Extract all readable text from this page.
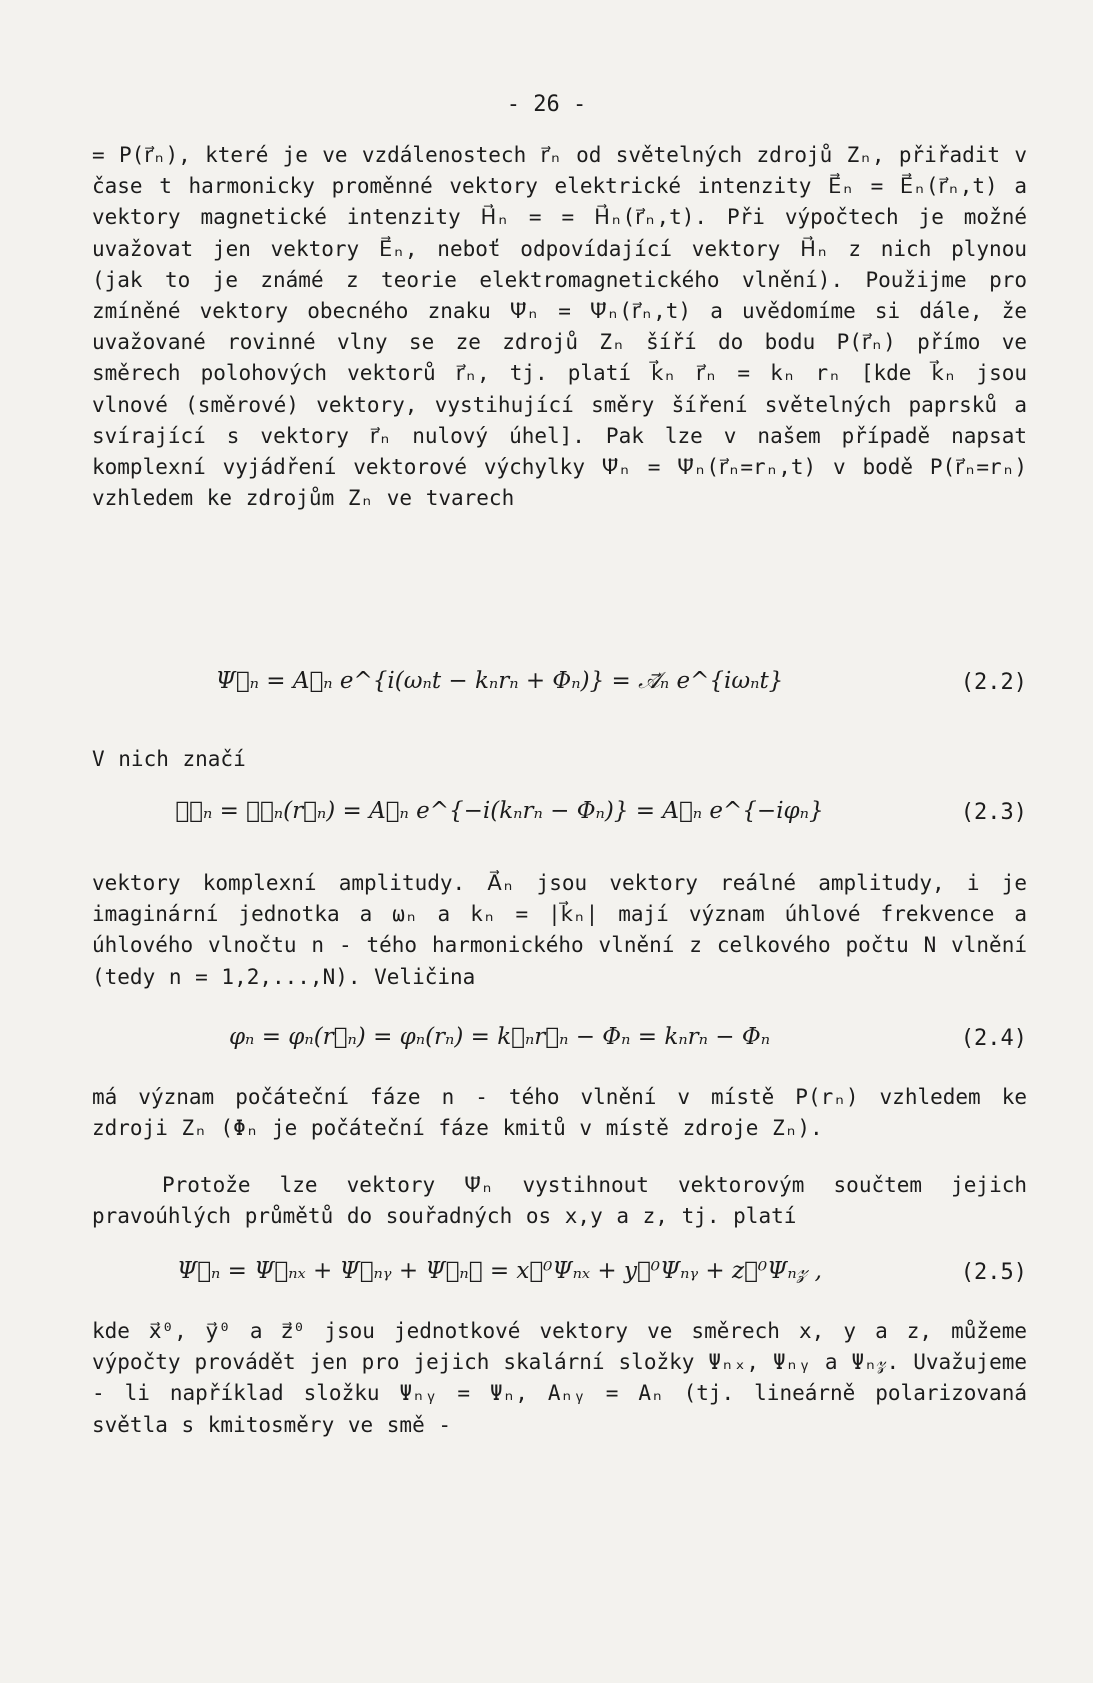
- 26 -
= P(r⃗ₙ), které je ve vzdálenostech r⃗ₙ od světelných zdrojů Zₙ, přiřadit v čase t harmonicky proměnné vektory elektrické intenzity E⃗ₙ = E⃗ₙ(r⃗ₙ,t) a vektory magnetické intenzity H⃗ₙ = = H⃗ₙ(r⃗ₙ,t). Při výpočtech je možné uvažovat jen vektory E⃗ₙ, neboť odpovídající vektory H⃗ₙ z nich plynou (jak to je známé z teorie elektromagnetického vlnění). Použijme pro zmíněné vektory obecného znaku Ψ⃗ₙ = Ψ⃗ₙ(r⃗ₙ,t) a uvědomíme si dále, že uvažované rovinné vlny se ze zdrojů Zₙ šíří do bodu P(r⃗ₙ) přímo ve směrech polohových vektorů r⃗ₙ, tj. platí k⃗ₙ r⃗ₙ = kₙ rₙ [kde k⃗ₙ jsou vlnové (směrové) vektory, vystihující směry šíření světelných paprsků a svírající s vektory r⃗ₙ nulový úhel]. Pak lze v našem případě napsat komplexní vyjádření vektorové výchylky Ψ⃗ₙ = Ψ⃗ₙ(r⃗ₙ=rₙ,t) v bodě P(r⃗ₙ=rₙ) vzhledem ke zdrojům Zₙ ve tvarech
Ψ⃗ₙ = A⃗ₙ e^{i(ωₙt − kₙrₙ + Φₙ)} = 𝒜⃗ₙ e^{iωₙt}	(2.2)
V nich značí
𝒜⃗ₙ = 𝒜⃗ₙ(r⃗ₙ) = A⃗ₙ e^{−i(kₙrₙ − Φₙ)} = A⃗ₙ e^{−iφₙ}	(2.3)
vektory komplexní amplitudy. A⃗ₙ jsou vektory reálné amplitudy, i je imaginární jednotka a ωₙ a kₙ = |k⃗ₙ| mají význam úhlové frekvence a úhlového vlnočtu n - tého harmonického vlnění z celkového počtu N vlnění (tedy n = 1,2,...,N). Veličina
φₙ = φₙ(r⃗ₙ) = φₙ(rₙ) = k⃗ₙr⃗ₙ − Φₙ = kₙrₙ − Φₙ	(2.4)
má význam počáteční fáze n - tého vlnění v místě P(rₙ) vzhledem ke zdroji Zₙ (Φₙ je počáteční fáze kmitů v místě zdroje Zₙ).
Protože lze vektory Ψ⃗ₙ vystihnout vektorovým součtem jejich pravoúhlých průmětů do souřadných os x,y a z, tj. platí
Ψ⃗ₙ = Ψ⃗ₙₓ + Ψ⃗ₙᵧ + Ψ⃗ₙ𝓏 = x⃗⁰Ψₙₓ + y⃗⁰Ψₙᵧ + z⃗⁰Ψₙ𝓏 ,	(2.5)
kde x⃗⁰, y⃗⁰ a z⃗⁰ jsou jednotkové vektory ve směrech x, y a z, můžeme výpočty provádět jen pro jejich skalární složky Ψₙₓ, Ψₙᵧ a Ψₙ𝓏. Uvažujeme - li například složku Ψₙᵧ = Ψₙ, Aₙᵧ = Aₙ (tj. lineárně polarizovaná světla s kmitosměry ve smě -
